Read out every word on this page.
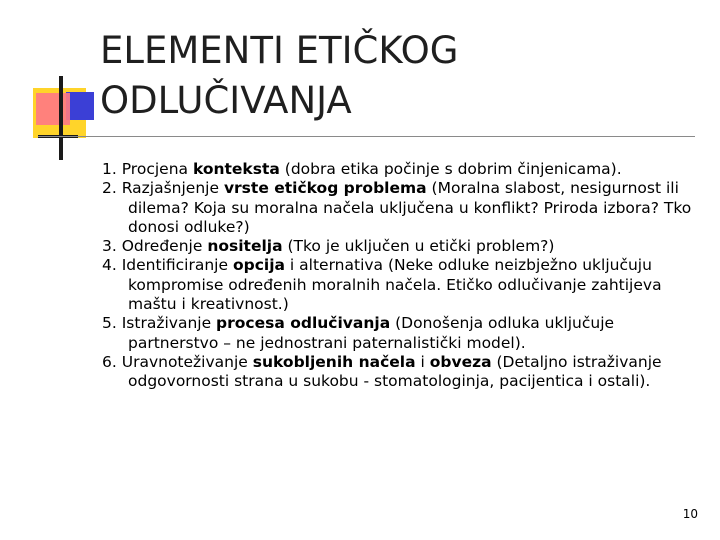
ELEMENTI ETIČKOG
ODLUČIVANJA
1. Procjena konteksta (dobra etika počinje s dobrim činjenicama).
2. Razjašnjenje vrste etičkog problema (Moralna slabost, nesigurnost ili dilema? Koja su moralna načela uključena u konflikt? Priroda izbora? Tko donosi odluke?)
3. Određenje nositelja (Tko je uključen u etički problem?)
4. Identificiranje opcija i alternativa (Neke odluke neizbježno uključuju kompromise određenih moralnih načela. Etičko odlučivanje zahtijeva maštu i kreativnost.)
5. Istraživanje procesa odlučivanja (Donošenja odluka uključuje partnerstvo – ne jednostrani paternalistički model).
6. Uravnoteživanje sukobljenih načela i obveza (Detaljno istraživanje odgovornosti strana u sukobu - stomatologinja, pacijentica i ostali).
10
